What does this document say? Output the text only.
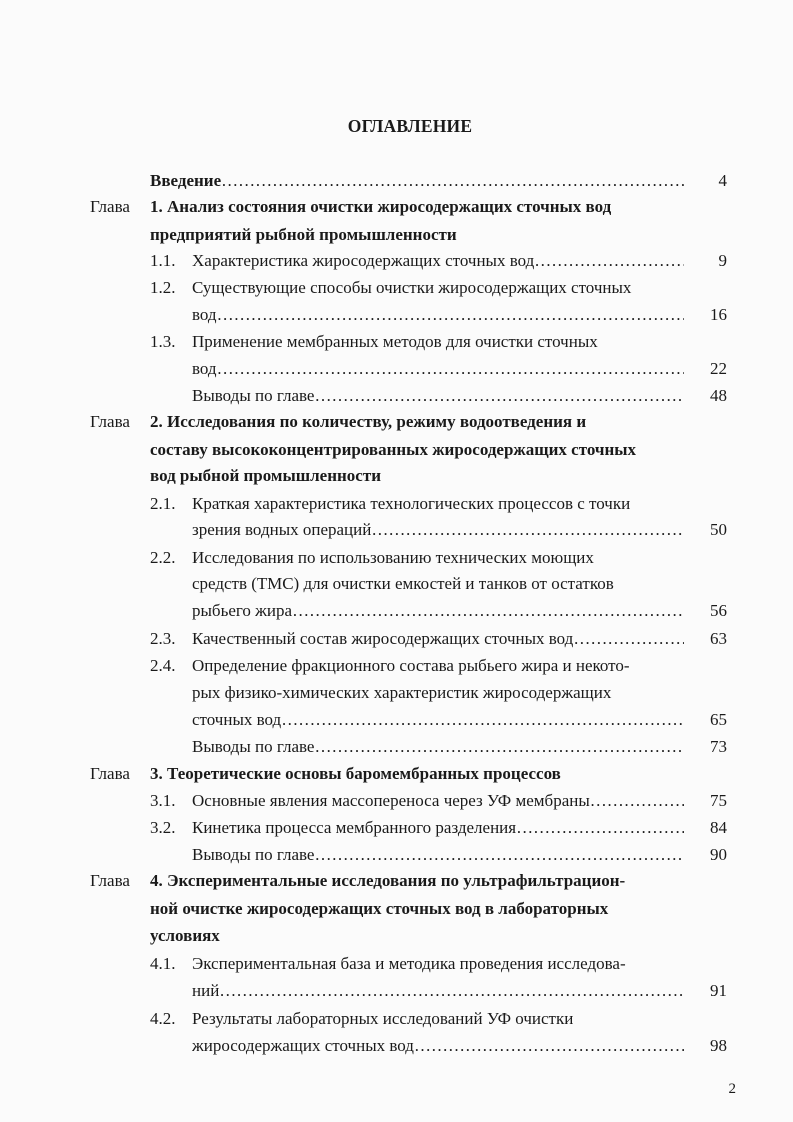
ОГЛАВЛЕНИЕ
Введение ………………………………………………………………………………………………………………………………	4
Глава	1. Анализ состояния очистки жиросодержащих сточных вод
предприятий рыбной промышленности
1.1. Характеристика жиросодержащих сточных вод ………………………………………………………………………………………………………………………………	9
1.2. Существующие способы очистки жиросодержащих сточных
вод ………………………………………………………………………………………………………………………………	16
1.3. Применение мембранных методов для очистки сточных
вод ………………………………………………………………………………………………………………………………	22
Выводы по главе ………………………………………………………………………………………………………………………………	48
Глава	2. Исследования по количеству, режиму водоотведения и
составу высококонцентрированных жиросодержащих сточных
вод рыбной промышленности
2.1. Краткая характеристика технологических процессов с точки
зрения водных операций ………………………………………………………………………………………………………………………………	50
2.2. Исследования по использованию технических моющих
средств (ТМС) для очистки емкостей и танков от остатков
рыбьего жира ………………………………………………………………………………………………………………………………	56
2.3. Качественный состав жиросодержащих сточных вод ………………………………………………………………………………………………………………………………	63
2.4. Определение фракционного состава рыбьего жира и некото-
рых физико-химических характеристик жиросодержащих
сточных вод ………………………………………………………………………………………………………………………………	65
Выводы по главе ………………………………………………………………………………………………………………………………	73
Глава	3. Теоретические основы баромембранных процессов
3.1. Основные явления массопереноса через УФ мембраны ………………………………………………………………………………………………………………………………	75
3.2. Кинетика процесса мембранного разделения ………………………………………………………………………………………………………………………………	84
Выводы по главе ………………………………………………………………………………………………………………………………	90
Глава	4. Экспериментальные исследования по ультрафильтрацион-
ной очистке жиросодержащих сточных вод в лабораторных
условиях
4.1. Экспериментальная база и методика проведения исследова-
ний ………………………………………………………………………………………………………………………………	91
4.2. Результаты лабораторных исследований УФ очистки
жиросодержащих сточных вод ………………………………………………………………………………………………………………………………	98
2
